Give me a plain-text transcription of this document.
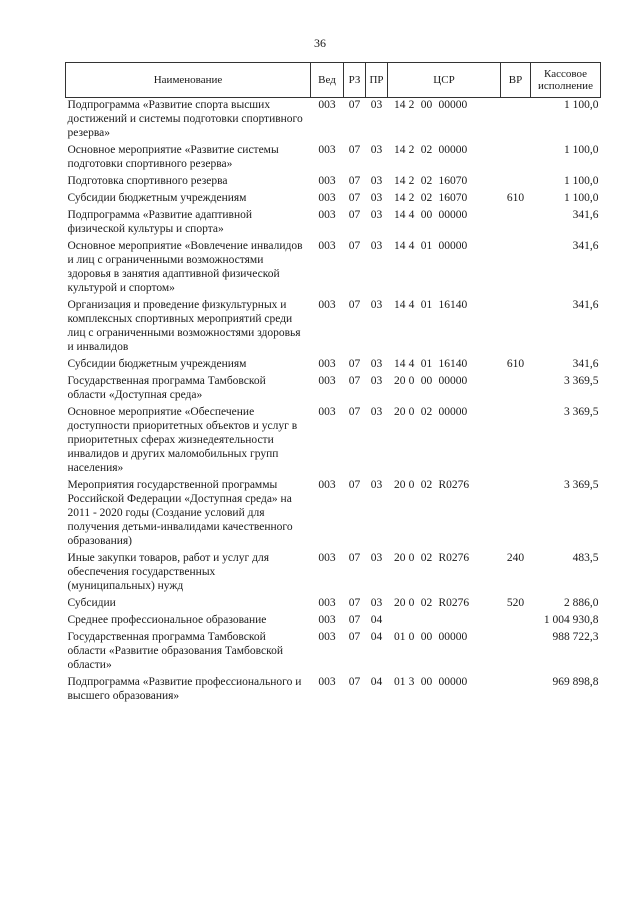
36
Наименование	Вед	РЗ	ПР	ЦСР	ВР	Кассовое исполнение
Подпрограмма «Развитие спорта высших достижений и системы подготовки спортивного резерва»	003	07	03	14 2 00 00000		1 100,0
Основное мероприятие «Развитие системы подготовки спортивного резерва»	003	07	03	14 2 02 00000		1 100,0
Подготовка спортивного резерва	003	07	03	14 2 02 16070		1 100,0
Субсидии бюджетным учреждениям	003	07	03	14 2 02 16070	610	1 100,0
Подпрограмма «Развитие адаптивной физической культуры и спорта»	003	07	03	14 4 00 00000		341,6
Основное мероприятие «Вовлечение инвалидов и лиц с ограниченными возможностями здоровья в занятия адаптивной физической культурой и спортом»	003	07	03	14 4 01 00000		341,6
Организация и проведение физкультурных и комплексных спортивных мероприятий среди лиц с ограниченными возможностями здоровья и инвалидов	003	07	03	14 4 01 16140		341,6
Субсидии бюджетным учреждениям	003	07	03	14 4 01 16140	610	341,6
Государственная программа Тамбовской области «Доступная среда»	003	07	03	20 0 00 00000		3 369,5
Основное мероприятие «Обеспечение доступности приоритетных объектов и услуг в приоритетных сферах жизнедеятельности инвалидов и других маломобильных групп населения»	003	07	03	20 0 02 00000		3 369,5
Мероприятия государственной программы Российской Федерации «Доступная среда» на 2011 - 2020 годы (Создание условий для получения детьми-инвалидами качественного образования)	003	07	03	20 0 02 R0276		3 369,5
Иные закупки товаров, работ и услуг для обеспечения государственных (муниципальных) нужд	003	07	03	20 0 02 R0276	240	483,5
Субсидии	003	07	03	20 0 02 R0276	520	2 886,0
Среднее профессиональное образование	003	07	04			1 004 930,8
Государственная программа Тамбовской области «Развитие образования Тамбовской области»	003	07	04	01 0 00 00000		988 722,3
Подпрограмма «Развитие профессионального и высшего образования»	003	07	04	01 3 00 00000		969 898,8
